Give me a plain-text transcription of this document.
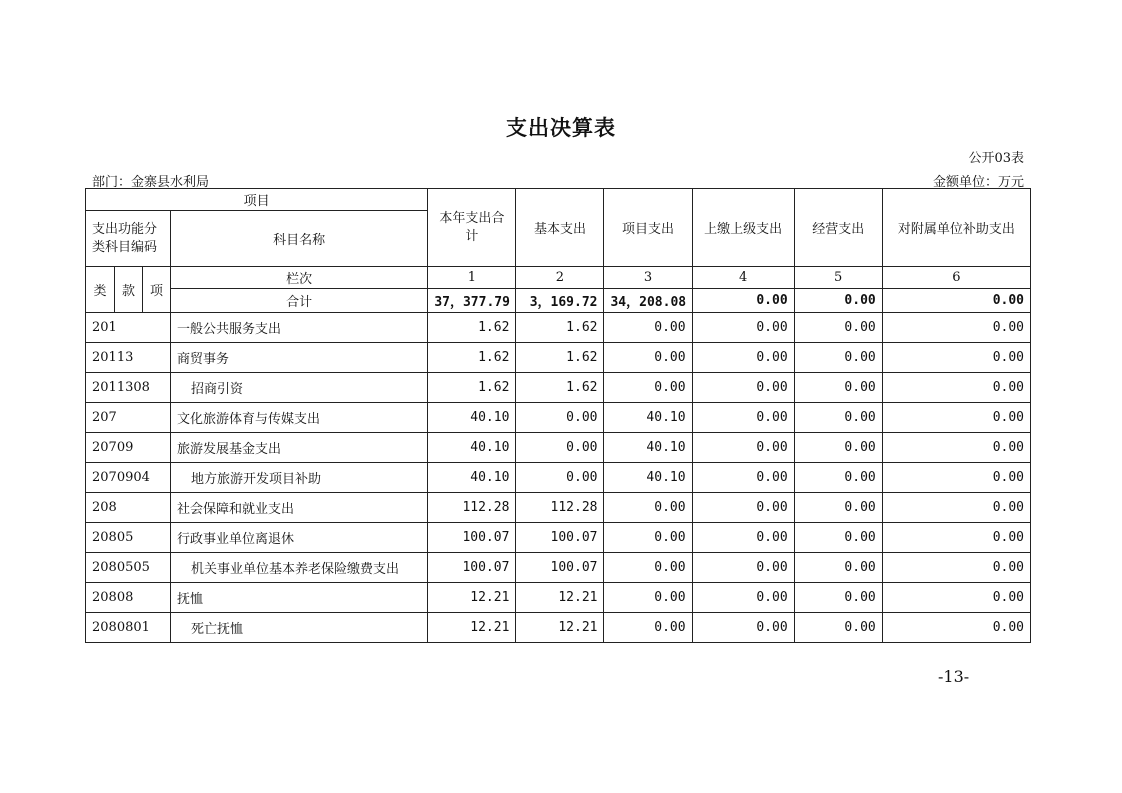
支出决算表
公开03表
部门：金寨县水利局	金额单位：万元
项目				本年支出合计	基本支出	项目支出	上缴上级支出	经营支出	对附属单位补助支出
支出功能分类科目编码			科目名称						
类	款	项	栏次	1	2	3	4	5	6
			合计	37，377.79	3，169.72	34，208.08	0.00	0.00	0.00
201			一般公共服务支出	1.62	1.62	0.00	0.00	0.00	0.00
20113			商贸事务	1.62	1.62	0.00	0.00	0.00	0.00
2011308			招商引资	1.62	1.62	0.00	0.00	0.00	0.00
207			文化旅游体育与传媒支出	40.10	0.00	40.10	0.00	0.00	0.00
20709			旅游发展基金支出	40.10	0.00	40.10	0.00	0.00	0.00
2070904			地方旅游开发项目补助	40.10	0.00	40.10	0.00	0.00	0.00
208			社会保障和就业支出	112.28	112.28	0.00	0.00	0.00	0.00
20805			行政事业单位离退休	100.07	100.07	0.00	0.00	0.00	0.00
2080505			机关事业单位基本养老保险缴费支出	100.07	100.07	0.00	0.00	0.00	0.00
20808			抚恤	12.21	12.21	0.00	0.00	0.00	0.00
2080801			死亡抚恤	12.21	12.21	0.00	0.00	0.00	0.00
-13-
